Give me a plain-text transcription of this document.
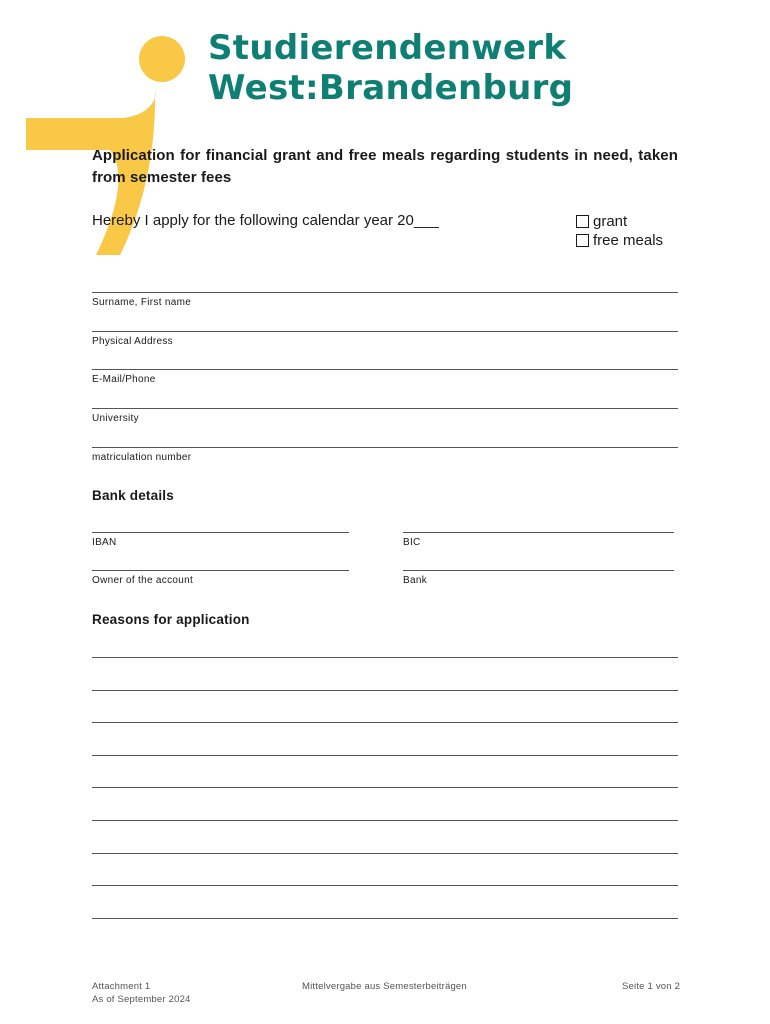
Studierendenwerk
West:Brandenburg
Application for financial grant and free meals regarding students in need, taken from semester fees
Hereby I apply for the following calendar year 20___	grant
free meals
Surname, First name
Physical Address
E-Mail/Phone
University
matriculation number
Bank details
IBAN	BIC
Owner of the account	Bank
Reasons for application
Attachment 1
As of September 2024
Mittelvergabe aus Semesterbeiträgen	Seite 1 von 2
